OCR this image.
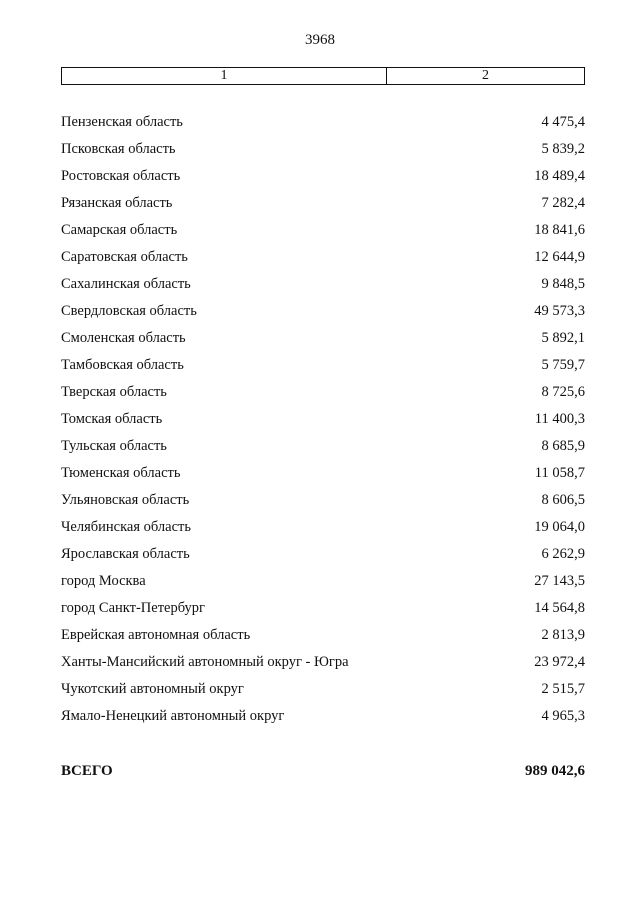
3968
1	2
Пензенская область	4 475,4
Псковская область	5 839,2
Ростовская область	18 489,4
Рязанская область	7 282,4
Самарская область	18 841,6
Саратовская область	12 644,9
Сахалинская область	9 848,5
Свердловская область	49 573,3
Смоленская область	5 892,1
Тамбовская область	5 759,7
Тверская область	8 725,6
Томская область	11 400,3
Тульская область	8 685,9
Тюменская область	11 058,7
Ульяновская область	8 606,5
Челябинская область	19 064,0
Ярославская область	6 262,9
город Москва	27 143,5
город Санкт-Петербург	14 564,8
Еврейская автономная область	2 813,9
Ханты-Мансийский автономный округ - Югра	23 972,4
Чукотский автономный округ	2 515,7
Ямало-Ненецкий автономный округ	4 965,3
ВСЕГО	989 042,6
